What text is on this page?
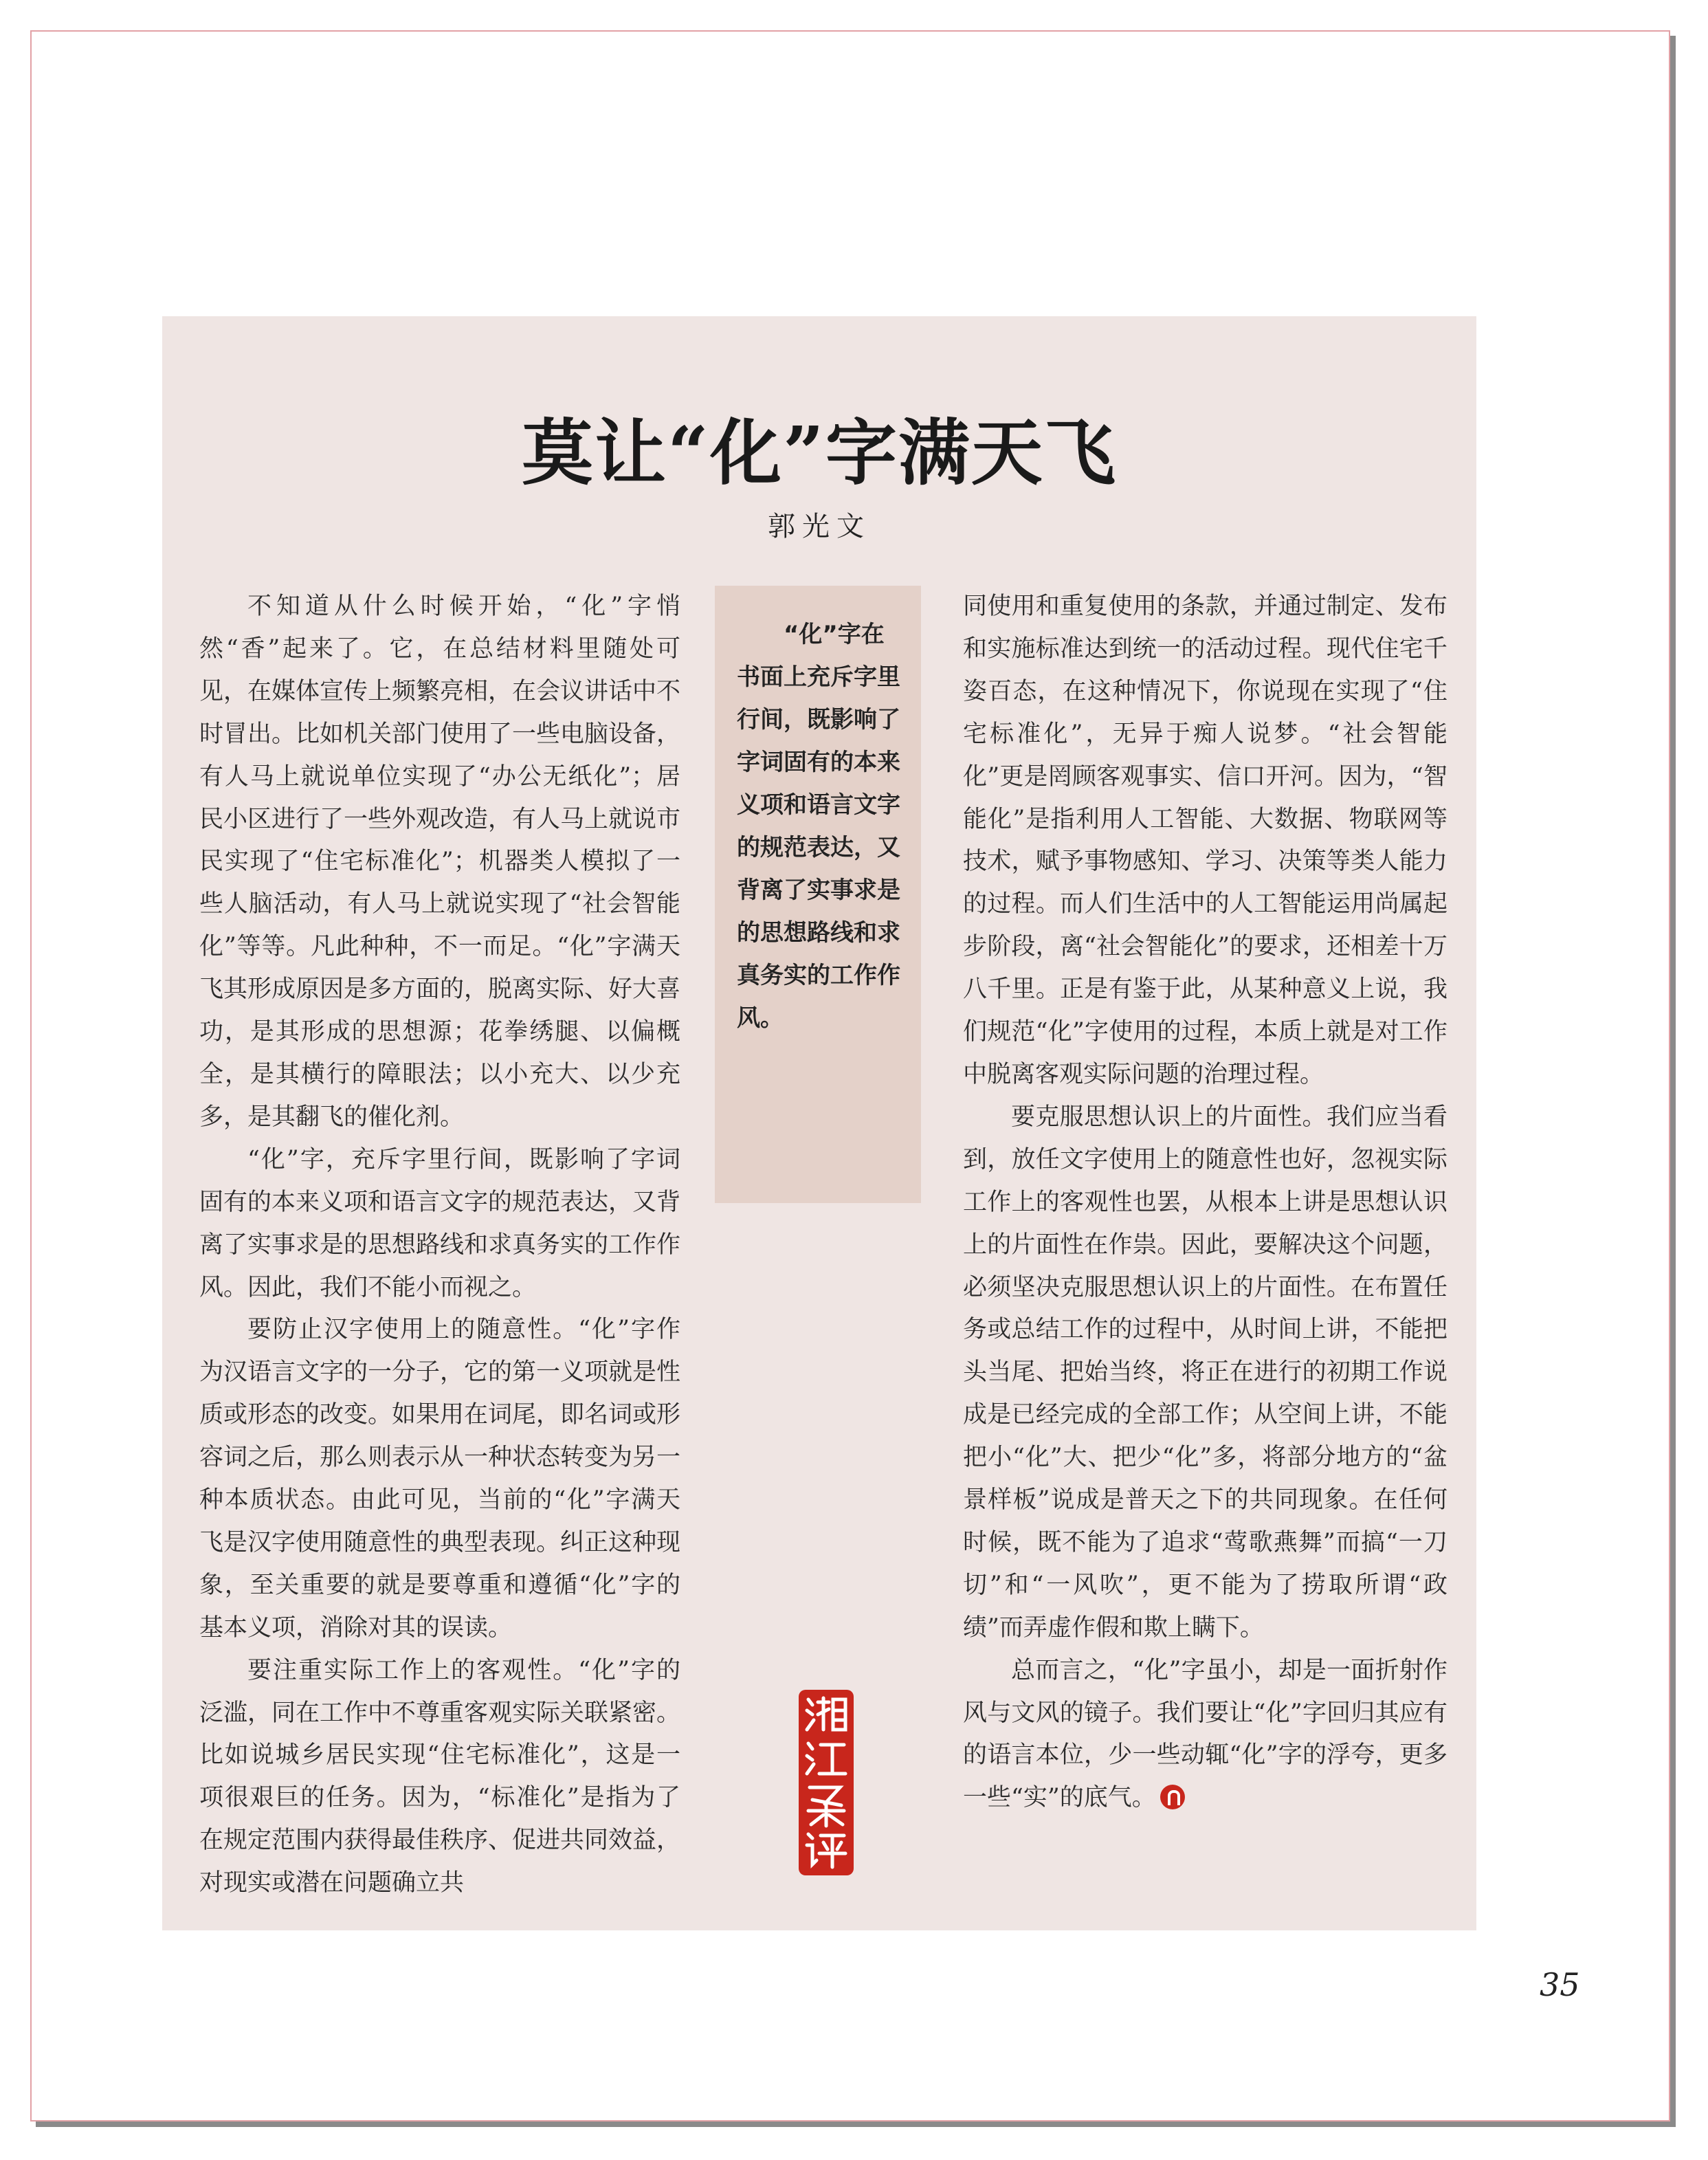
莫让“化”字满天飞
郭光文

不知道从什么时候开始，“化”字悄然“香”起来了。它，在总结材料里随处可见，在媒体宣传上频繁亮相，在会议讲话中不时冒出。比如机关部门使用了一些电脑设备，有人马上就说单位实现了“办公无纸化”；居民小区进行了一些外观改造，有人马上就说市民实现了“住宅标准化”；机器类人模拟了一些人脑活动，有人马上就说实现了“社会智能化”等等。凡此种种，不一而足。“化”字满天飞其形成原因是多方面的，脱离实际、好大喜功，是其形成的思想源；花拳绣腿、以偏概全，是其横行的障眼法；以小充大、以少充多，是其翻飞的催化剂。

“化”字，充斥字里行间，既影响了字词固有的本来义项和语言文字的规范表达，又背离了实事求是的思想路线和求真务实的工作作风。因此，我们不能小而视之。

要防止汉字使用上的随意性。“化”字作为汉语言文字的一分子，它的第一义项就是性质或形态的改变。如果用在词尾，即名词或形容词之后，那么则表示从一种状态转变为另一种本质状态。由此可见，当前的“化”字满天飞是汉字使用随意性的典型表现。纠正这种现象，至关重要的就是要尊重和遵循“化”字的基本义项，消除对其的误读。

要注重实际工作上的客观性。“化”字的泛滥，同在工作中不尊重客观实际关联紧密。比如说城乡居民实现“住宅标准化”，这是一项很艰巨的任务。因为，“标准化”是指为了在规定范围内获得最佳秩序、促进共同效益，对现实或潜在问题确立共

“化”字在
书面上充斥字里行间，既影响了字词固有的本来义项和语言文字的规范表达，又背离了实事求是的思想路线和求真务实的工作作风。

同使用和重复使用的条款，并通过制定、发布和实施标准达到统一的活动过程。现代住宅千姿百态，在这种情况下，你说现在实现了“住宅标准化”，无异于痴人说梦。“社会智能化”更是罔顾客观事实、信口开河。因为，“智能化”是指利用人工智能、大数据、物联网等技术，赋予事物感知、学习、决策等类人能力的过程。而人们生活中的人工智能运用尚属起步阶段，离“社会智能化”的要求，还相差十万八千里。正是有鉴于此，从某种意义上说，我们规范“化”字使用的过程，本质上就是对工作中脱离客观实际问题的治理过程。

要克服思想认识上的片面性。我们应当看到，放任文字使用上的随意性也好，忽视实际工作上的客观性也罢，从根本上讲是思想认识上的片面性在作祟。因此，要解决这个问题，必须坚决克服思想认识上的片面性。在布置任务或总结工作的过程中，从时间上讲，不能把头当尾、把始当终，将正在进行的初期工作说成是已经完成的全部工作；从空间上讲，不能把小“化”大、把少“化”多，将部分地方的“盆景样板”说成是普天之下的共同现象。在任何时候，既不能为了追求“莺歌燕舞”而搞“一刀切”和“一风吹”，更不能为了捞取所谓“政绩”而弄虚作假和欺上瞒下。

总而言之，“化”字虽小，却是一面折射作风与文风的镜子。我们要让“化”字回归其应有的语言本位，少一些动辄“化”字的浮夸，更多一些“实”的底气。

35
